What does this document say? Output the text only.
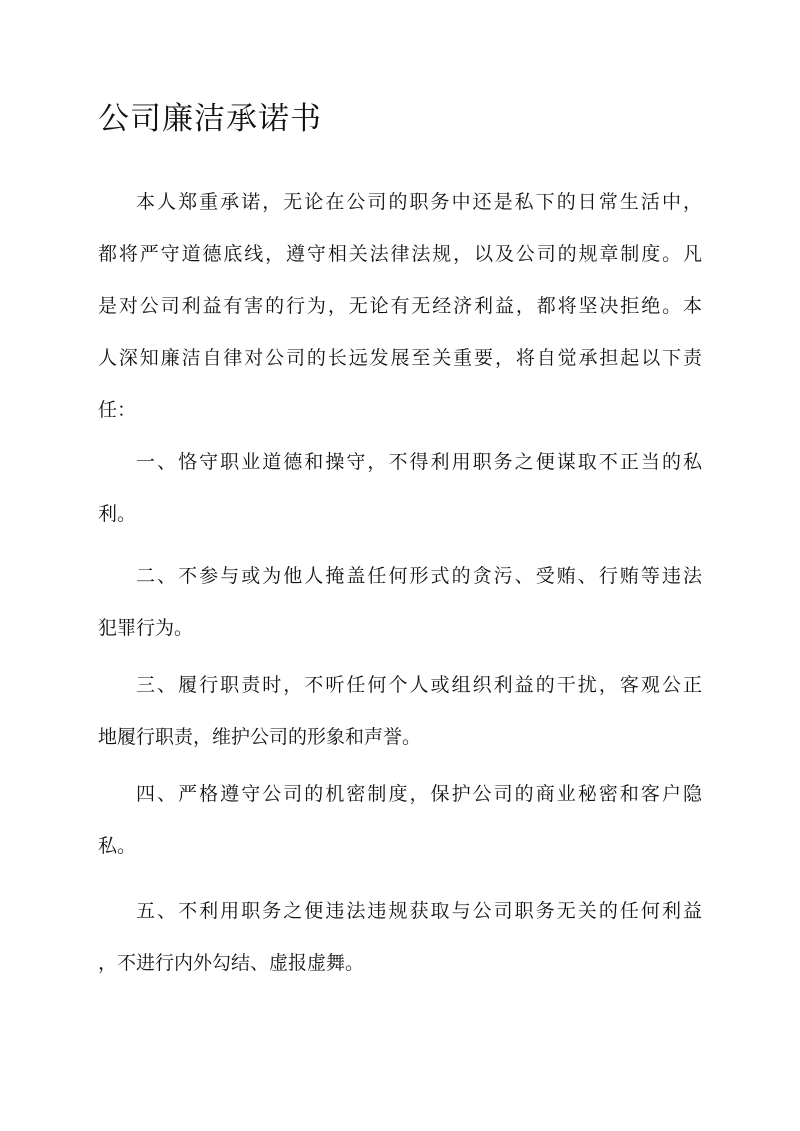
公司廉洁承诺书
本人郑重承诺，无论在公司的职务中还是私下的日常生活中，
都将严守道德底线，遵守相关法律法规，以及公司的规章制度。凡
是对公司利益有害的行为，无论有无经济利益，都将坚决拒绝。本
人深知廉洁自律对公司的长远发展至关重要，将自觉承担起以下责
任：
一、恪守职业道德和操守，不得利用职务之便谋取不正当的私
利。
二、不参与或为他人掩盖任何形式的贪污、受贿、行贿等违法
犯罪行为。
三、履行职责时，不听任何个人或组织利益的干扰，客观公正
地履行职责，维护公司的形象和声誉。
四、严格遵守公司的机密制度，保护公司的商业秘密和客户隐
私。
五、不利用职务之便违法违规获取与公司职务无关的任何利益
，不进行内外勾结、虚报虚舞。
